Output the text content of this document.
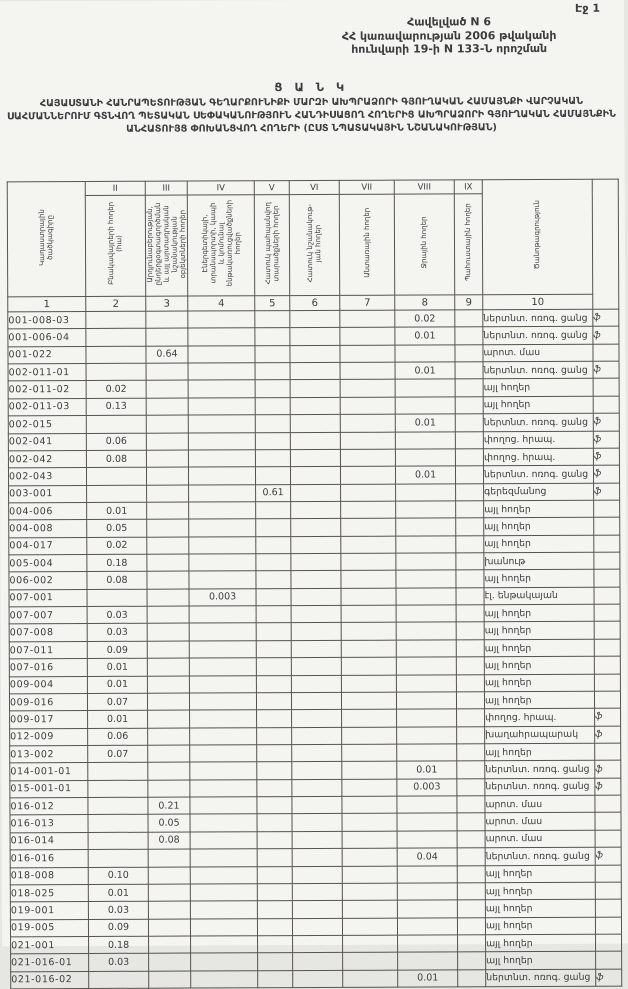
Էջ 1
Հավելված N 6
ՀՀ կառավարության 2006 թվականի
հունվարի 19-ի N 133-Ն որոշման
Ց Ա Ն Կ
ՀԱՅԱՍՏԱՆԻ ՀԱՆՐԱՊԵՏՈՒԹՅԱՆ ԳԵՂԱՐՔՈՒՆԻՔԻ ՄԱՐԶԻ ԱԽՊՐԱՁՈՐԻ ԳՅՈՒՂԱԿԱՆ ՀԱՄԱՅՆՔԻ ՎԱՐՉԱԿԱՆ ՍԱՀՄԱՆՆԵՐՈՒՄ ԳՏՆՎՈՂ ՊԵՏԱԿԱՆ ՍԵՓԱԿԱՆՈՒԹՅՈՒՆ ՀԱՆԴԻՍԱՑՈՂ ՀՈՂԵՐԻՑ ԱԽՊՐԱՁՈՐԻ ԳՅՈՒՂԱԿԱՆ ՀԱՄԱՅՆՔԻՆ ԱՆՀԱՏՈՒՅՑ ՓՈԽԱՆՑՎՈՂ ՀՈՂԵՐԻ (ԸՍՏ ՆՊԱՏԱԿԱՅԻՆ ՆՇԱՆԱԿՈՒԹՅԱՆ)
Կադաստրային
ծածկագիրը	II	III	IV	V	VI	VII	VIII	IX	Ծանոթագրություն	
	Բնակավայրերի հողեր (հա)	Արդյունաբերության,
ընդերքօգտագործման
և այլ արտադրական
նշանակության
օբյեկտների հողեր	Էներգետիկայի,
տրանսպորտի, կապի
և կոմունալ
ենթակառուցվածքների հողեր	Հատուկ պահպանվող
տարածքների հողեր	Հատուկ նշանակութ-
յան հողեր	Անտառային հողեր	Ջրային հողեր	Պահուստային հողեր		
1	2	3	4	5	6	7	8	9	10	
001-008-03							0.02		ներտնտ. ոռոգ. ցանց	ֆ
001-006-04							0.01		ներտնտ. ոռոգ. ցանց	ֆ
001-022		0.64							արոտ. մաս	
002-011-01							0.01		ներտնտ. ոռոգ. ցանց	ֆ
002-011-02	0.02								այլ հողեր	
002-011-03	0.13								այլ հողեր	
002-015							0.01		ներտնտ. ոռոգ. ցանց	ֆ
002-041	0.06								փողոց. հրապ.	ֆ
002-042	0.08								փողոց. հրապ.	ֆ
002-043							0.01		ներտնտ. ոռոգ. ցանց	ֆ
003-001				0.61					գերեզմանոց	ֆ
004-006	0.01								այլ հողեր	
004-008	0.05								այլ հողեր	
004-017	0.02								այլ հողեր	
005-004	0.18								խանութ	
006-002	0.08								այլ հողեր	
007-001			0.003						էլ. ենթակայան	
007-007	0.03								այլ հողեր	
007-008	0.03								այլ հողեր	
007-011	0.09								այլ հողեր	
007-016	0.01								այլ հողեր	
009-004	0.01								այլ հողեր	
009-016	0.07								այլ հողեր	
009-017	0.01								փողոց. հրապ.	ֆ
012-009	0.06								խաղահրապարակ	ֆ
013-002	0.07								այլ հողեր	
014-001-01							0.01		ներտնտ. ոռոգ. ցանց	ֆ
015-001-01							0.003		ներտնտ. ոռոգ. ցանց	ֆ
016-012		0.21							արոտ. մաս	
016-013		0.05							արոտ. մաս	
016-014		0.08							արոտ. մաս	
016-016							0.04		ներտնտ. ոռոգ. ցանց	ֆ
018-008	0.10								այլ հողեր	
018-025	0.01								այլ հողեր	
019-001	0.03								այլ հողեր	
019-005	0.09								այլ հողեր	
021-001	0.18								այլ հողեր	
021-016-01	0.03								այլ հողեր	
021-016-02							0.01		ներտնտ. ոռոգ. ցանց	ֆ
